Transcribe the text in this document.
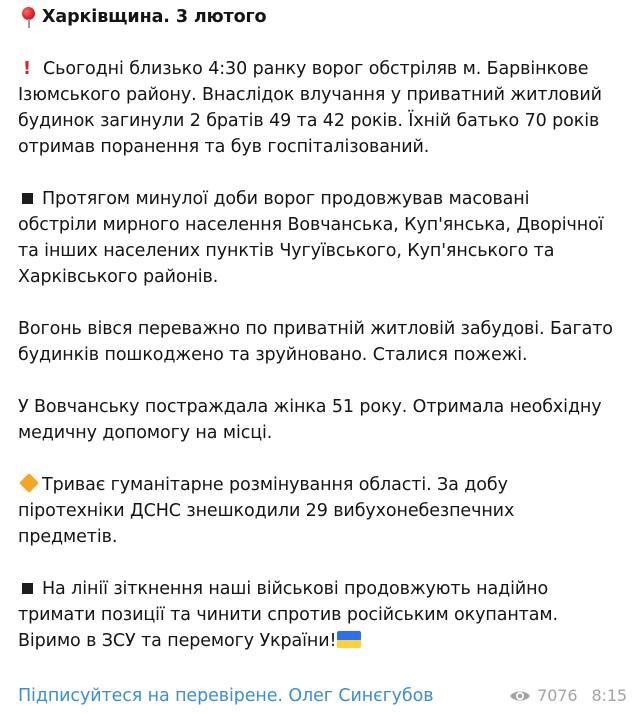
Харківщина. 3 лютого
! Сьогодні близько 4:30 ранку ворог обстріляв м. Барвінкове
Ізюмського району. Внаслідок влучання у приватний житловий
будинок загинули 2 братів 49 та 42 років. Їхній батько 70 років
отримав поранення та був госпіталізований.
Протягом минулої доби ворог продовжував масовані
обстріли мирного населення Вовчанська, Куп'янська, Дворічної
та інших населених пунктів Чугуївського, Куп'янського та
Харківського районів.
Вогонь вівся переважно по приватній житловій забудові. Багато
будинків пошкоджено та зруйновано. Сталися пожежі.
У Вовчанську постраждала жінка 51 року. Отримала необхідну
медичну допомогу на місці.
Триває гуманітарне розмінування області. За добу
піротехніки ДСНС знешкодили 29 вибухонебезпечних
предметів.
На лінії зіткнення наші військові продовжують надійно
тримати позиції та чинити спротив російським окупантам.
Віримо в ЗСУ та перемогу України!
Підписуйтеся на перевірене. Олег Синєгубов	7076 8:15
